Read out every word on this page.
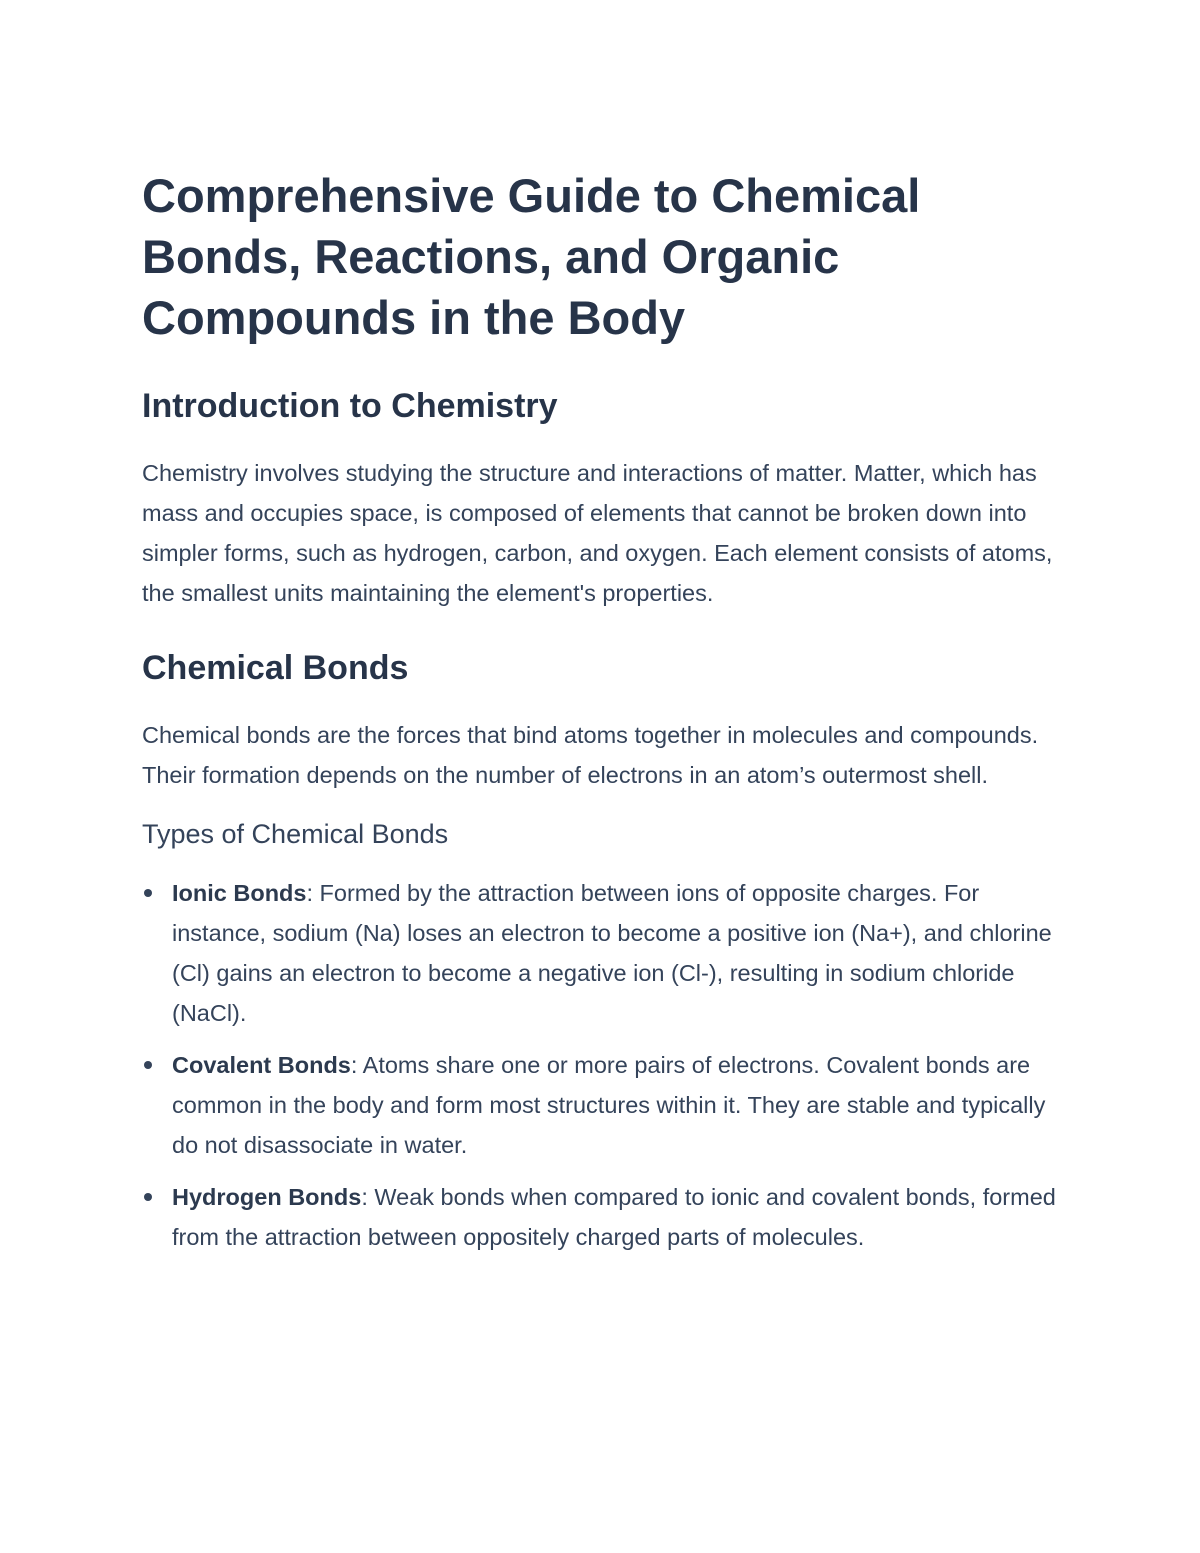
Comprehensive Guide to Chemical Bonds, Reactions, and Organic Compounds in the Body
Introduction to Chemistry

Chemistry involves studying the structure and interactions of matter. Matter, which has mass and occupies space, is composed of elements that cannot be broken down into simpler forms, such as hydrogen, carbon, and oxygen. Each element consists of atoms, the smallest units maintaining the element's properties.

Chemical Bonds

Chemical bonds are the forces that bind atoms together in molecules and compounds. Their formation depends on the number of electrons in an atom’s outermost shell.

Types of Chemical Bonds
Ionic Bonds: Formed by the attraction between ions of opposite charges. For instance, sodium (Na) loses an electron to become a positive ion (Na+), and chlorine (Cl) gains an electron to become a negative ion (Cl-), resulting in sodium chloride (NaCl).
Covalent Bonds: Atoms share one or more pairs of electrons. Covalent bonds are common in the body and form most structures within it. They are stable and typically do not disassociate in water.
Hydrogen Bonds: Weak bonds when compared to ionic and covalent bonds, formed from the attraction between oppositely charged parts of molecules.
